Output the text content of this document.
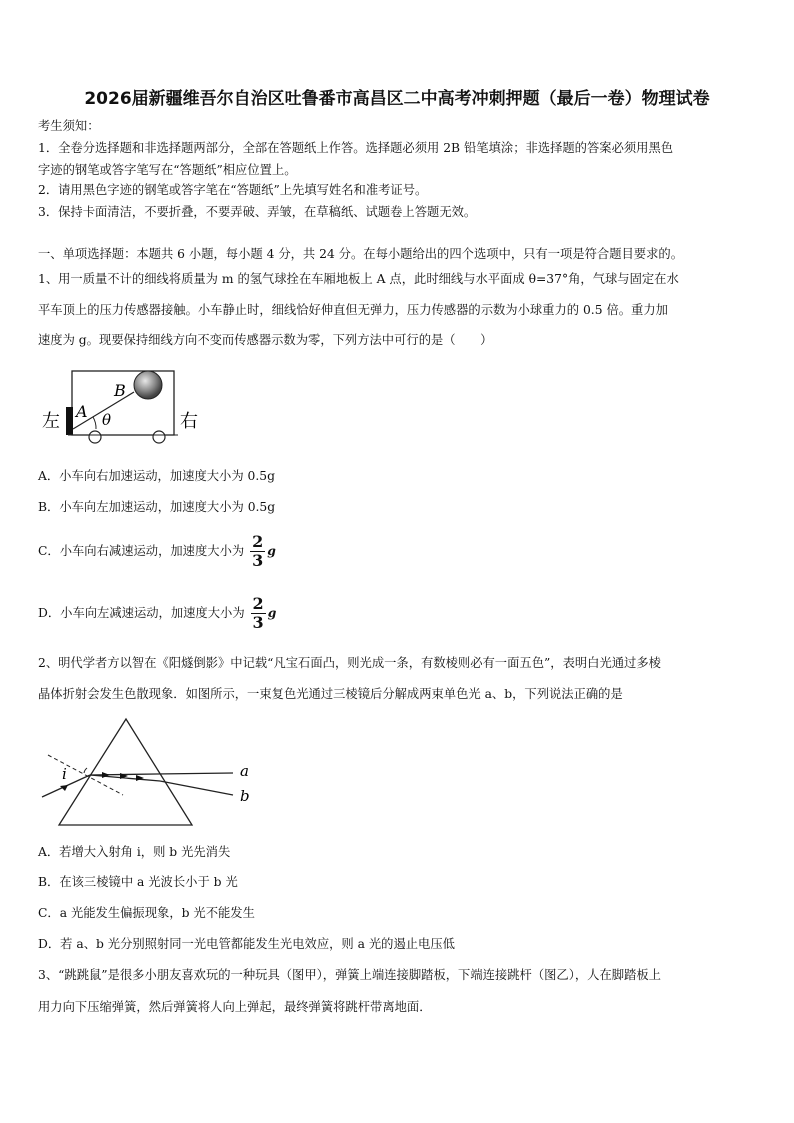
2026届新疆维吾尔自治区吐鲁番市高昌区二中高考冲刺押题（最后一卷）物理试卷
考生须知：
1．全卷分选择题和非选择题两部分，全部在答题纸上作答。选择题必须用 2B 铅笔填涂；非选择题的答案必须用黑色
字迹的钢笔或答字笔写在“答题纸”相应位置上。
2．请用黑色字迹的钢笔或答字笔在“答题纸”上先填写姓名和准考证号。
3．保持卡面清洁，不要折叠，不要弄破、弄皱，在草稿纸、试题卷上答题无效。
一、单项选择题：本题共 6 小题，每小题 4 分，共 24 分。在每小题给出的四个选项中，只有一项是符合题目要求的。
1、用一质量不计的细线将质量为 m 的氢气球拴在车厢地板上 A 点，此时细线与水平面成 θ=37°角，气球与固定在水
平车顶上的压力传感器接触。小车静止时，细线恰好伸直但无弹力，压力传感器的示数为小球重力的 0.5 倍。重力加
速度为 g。现要保持细线方向不变而传感器示数为零，下列方法中可行的是（　　）
左	右
A
B
θ
A．小车向右加速运动，加速度大小为 0.5g
B．小车向左加速运动，加速度大小为 0.5g
C．小车向右减速运动，加速度大小为 $\frac{2}{3}$ g
D．小车向左减速运动，加速度大小为 $\frac{2}{3}$ g
2、明代学者方以智在《阳燧倒影》中记载“凡宝石面凸，则光成一条，有数棱则必有一面五色”，表明白光通过多棱
晶体折射会发生色散现象．如图所示，一束复色光通过三棱镜后分解成两束单色光 a、b，下列说法正确的是
i	a
b
A．若增大入射角 i，则 b 光先消失
B．在该三棱镜中 a 光波长小于 b 光
C．a 光能发生偏振现象，b 光不能发生
D．若 a、b 光分别照射同一光电管都能发生光电效应，则 a 光的遏止电压低
3、“跳跳鼠”是很多小朋友喜欢玩的一种玩具（图甲），弹簧上端连接脚踏板，下端连接跳杆（图乙），人在脚踏板上
用力向下压缩弹簧，然后弹簧将人向上弹起，最终弹簧将跳杆带离地面．
